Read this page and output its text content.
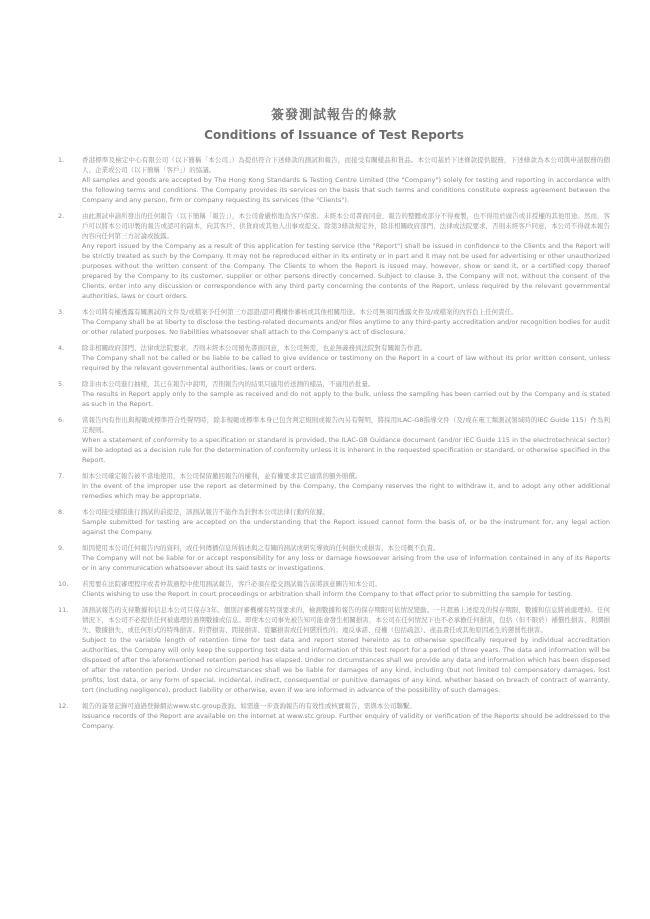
簽發測試報告的條款
Conditions of Issuance of Test Reports
1.	香港標準及檢定中心有限公司（以下簡稱「本公司」）為提供符合下述條款的測試和報告，而接受有關樣品和貨品。本公司基於下述條款提供服務，下述條款為本公司與申請服務的個人、企業或公司（以下簡稱「客戶」）的協議。

All samples and goods are accepted by The Hong Kong Standards & Testing Centre Limited (the "Company") solely for testing and reporting in accordance with the following terms and conditions. The Company provides its services on the basis that such terms and conditions constitute express agreement between the Company and any person, firm or company requesting its services (the "Clients").

2.	由此測試申請所發出的任何報告（以下簡稱「報告」），本公司會嚴格地為客戶保密。未經本公司書面同意，報告的整體或部分不得複製，也不得用於廣告或非授權的其他用途。然而，客戶可以將本公司印製的報告或認可的副本，向其客戶、供貨商或其他人出事或提交。除第3條款規定外，除非相關政府部門、法律或法院要求，否則未經客戶同意，本公司不得就本報告內容向任何第三方討論或披露。

Any report issued by the Company as a result of this application for testing service (the "Report") shall be issued in confidence to the Clients and the Report will be strictly treated as such by the Company. It may not be reproduced either in its entirety or in part and it may not be used for advertising or other unauthorized purposes without the written consent of the Company. The Clients to whom the Report is issued may, however, show or send it, or a certified copy thereof prepared by the Company to its customer, supplier or other persons directly concerned. Subject to clause 3, the Company will not, without the consent of the Clients, enter into any discussion or correspondence with any third party concerning the contents of the Report, unless required by the relevant governmental authorities, laws or court orders.

3.	本公司將有權透露有關測試的文件及/或檔案予任何第三方認證/認可機構作審核或其他相關用途。本公司無須因透露文件及/或檔案的內容負上任何責任。

The Company shall be at liberty to disclose the testing-related documents and/or files anytime to any third-party accreditation and/or recognition bodies for audit or other related purposes. No liabilities whatsoever shall attach to the Company's act of disclosure.

4.	除非相關政府部門、法律或法院要求，否則未經本公司預先書面同意，本公司無需，也並無義務到法院對有關報告作證。

The Company shall not be called or be liable to be called to give evidence or testimony on the Report in a court of law without its prior written consent, unless required by the relevant governmental authorities, laws or court orders.

5.	除非由本公司進行抽樣，其已在報告中說明，否則報告內的結果只適用於送測的樣品，不適用於批量。

The results in Report apply only to the sample as received and do not apply to the bulk, unless the sampling has been carried out by the Company and is stated as such in the Report.

6.	當報告內有作出與規範或標準符合性聲明時，除非規範或標準本身已包含判定規則或報告內另有聲明，將採用ILAC-G8指導文件（及/或在電工類測試領域時的IEC Guide 115）作為判定規則。

When a statement of conformity to a specification or standard is provided, the ILAC-G8 Guidance document (and/or IEC Guide 115 in the electrotechnical sector) will be adopted as a decision rule for the determination of conformity unless it is inherent in the requested specification or standard, or otherwise specified in the Report.

7.	如本公司確定報告被不當地使用，本公司保留撤回報告的權利，並有權要求其它適當的額外賠償。

In the event of the improper use the report as determined by the Company, the Company reserves the right to withdraw it, and to adopt any other additional remedies which may be appropriate.

8.	本公司接受樣版進行測試的前提是，該測試報告不能作為針對本公司法律行動的依據。

Sample submitted for testing are accepted on the understanding that the Report issued cannot form the basis of, or be the instrument for, any legal action against the Company.

9.	如因使用本公司任何報告內的資料，或任何傳播信息所描述與之有關的測試或研究導致的任何損失或損害，本公司概不負責。

The Company will not be liable for or accept responsibility for any loss or damage howsoever arising from the use of information contained in any of its Reports or in any communication whatsoever about its said tests or investigations.

10. 若需要在法院審理程序或者仲裁過程中使用測試報告，客戶必須在提交測試報告前將該意圖告知本公司。

Clients wishing to use the Report in court proceedings or arbitration shall inform the Company to that effect prior to submitting the sample for testing.

11. 該測試報告的支持數據和信息本公司只保存3年。個別評審機構有特別要求的，檢測數據和報告的保存期限可依情況變動。一旦超過上述提及的保存期限，數據和信息將被處理掉。任何情況下，本公司不必提供任何被處理的過期數據或信息。即使本公司事先被告知可能會發生相關損害，本公司在任何情況下也不必承擔任何損害，包括（但不限於）補償性損害、利潤損失、數據損失、或任何形式的特殊損害、附帶損害、間接損害、從屬損害或任何懲罰性的；違反承諾、侵權（包括疏忽）、產品責任或其他原因產生的懲罰性損害。

Subject to the variable length of retention time for test data and report stored hereinto as to otherwise specifically required by individual accreditation authorities, the Company will only keep the supporting test data and information of this test report for a period of three years. The data and information will be disposed of after the aforementioned retention period has elapsed. Under no circumstances shall we provide any data and information which has been disposed of after the retention period. Under no circumstances shall we be liable for damages of any kind, including (but not limited to) compensatory damages, lost profits, lost data, or any form of special, incidental, indirect, consequential or punitive damages of any kind, whether based on breach of contract of warranty, tort (including negligence), product liability or otherwise, even if we are informed in advance of the possibility of such damages.

12. 報告的簽發記錄可通過登錄網站www.stc.group查詢。如需進一步查詢報告的有效性或核實報告，需與本公司聯繫。

Issuance records of the Report are available on the internet at www.stc.group. Further enquiry of validity or verification of the Reports should be addressed to the Company.
